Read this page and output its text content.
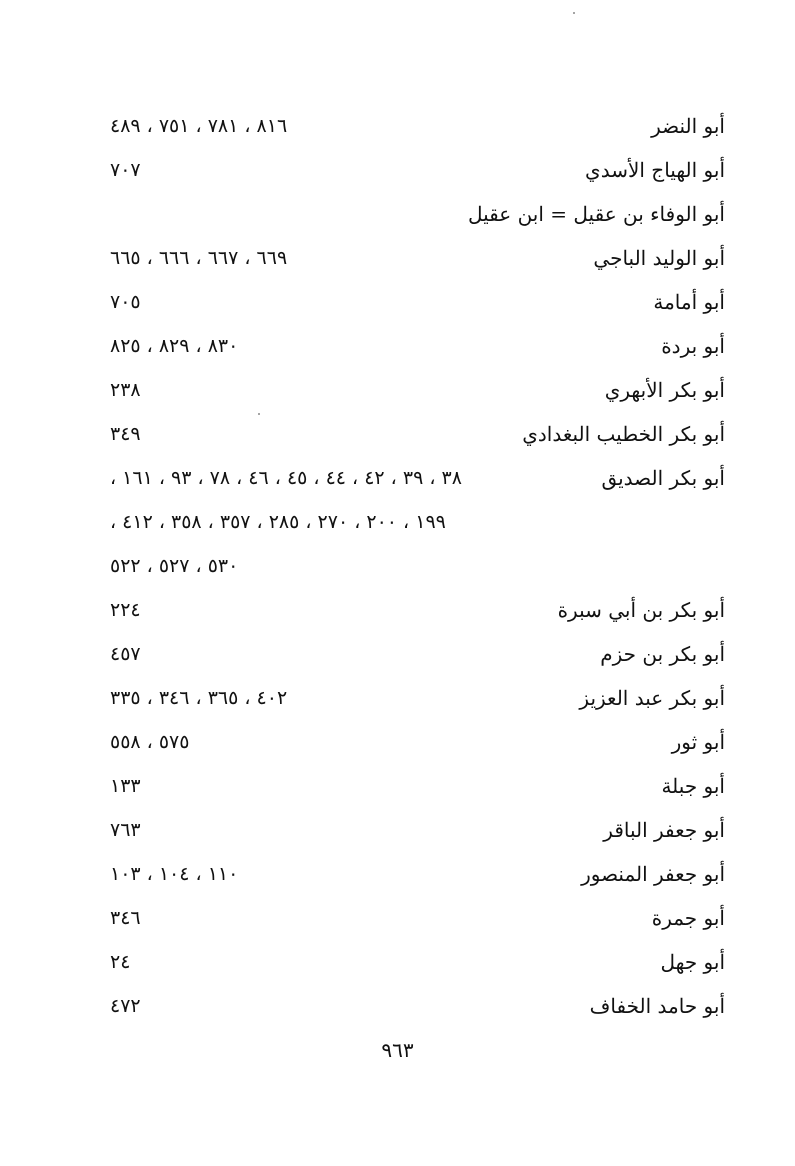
أبو النضر
٨١٦ ، ٧٨١ ، ٧٥١ ، ٤٨٩
أبو الهياج الأسدي
٧٠٧
أبو الوفاء بن عقيل = ابن عقيل
أبو الوليد الباجي
٦٦٩ ، ٦٦٧ ، ٦٦٦ ، ٦٦٥
أبو أمامة
٧٠٥
أبو بردة
٨٣٠ ، ٨٢٩ ، ٨٢٥
أبو بكر الأبهري
٢٣٨
أبو بكر الخطيب البغدادي
٣٤٩
أبو بكر الصديق
٣٨ ، ٣٩ ، ٤٢ ، ٤٤ ، ٤٥ ، ٤٦ ، ٧٨ ، ٩٣ ، ١٦١ ،
١٩٩ ، ٢٠٠ ، ٢٧٠ ، ٢٨٥ ، ٣٥٧ ، ٣٥٨ ، ٤١٢ ،
٥٣٠ ، ٥٢٧ ، ٥٢٢
أبو بكر بن أبي سبرة
٢٢٤
أبو بكر بن حزم
٤٥٧
أبو بكر عبد العزيز
٤٠٢ ، ٣٦٥ ، ٣٤٦ ، ٣٣٥
أبو ثور
٥٧٥ ، ٥٥٨
أبو جبلة
١٣٣
أبو جعفر الباقر
٧٦٣
أبو جعفر المنصور
١١٠ ، ١٠٤ ، ١٠٣
أبو جمرة
٣٤٦
أبو جهل
٢٤
أبو حامد الخفاف
٤٧٢
٩٦٣
